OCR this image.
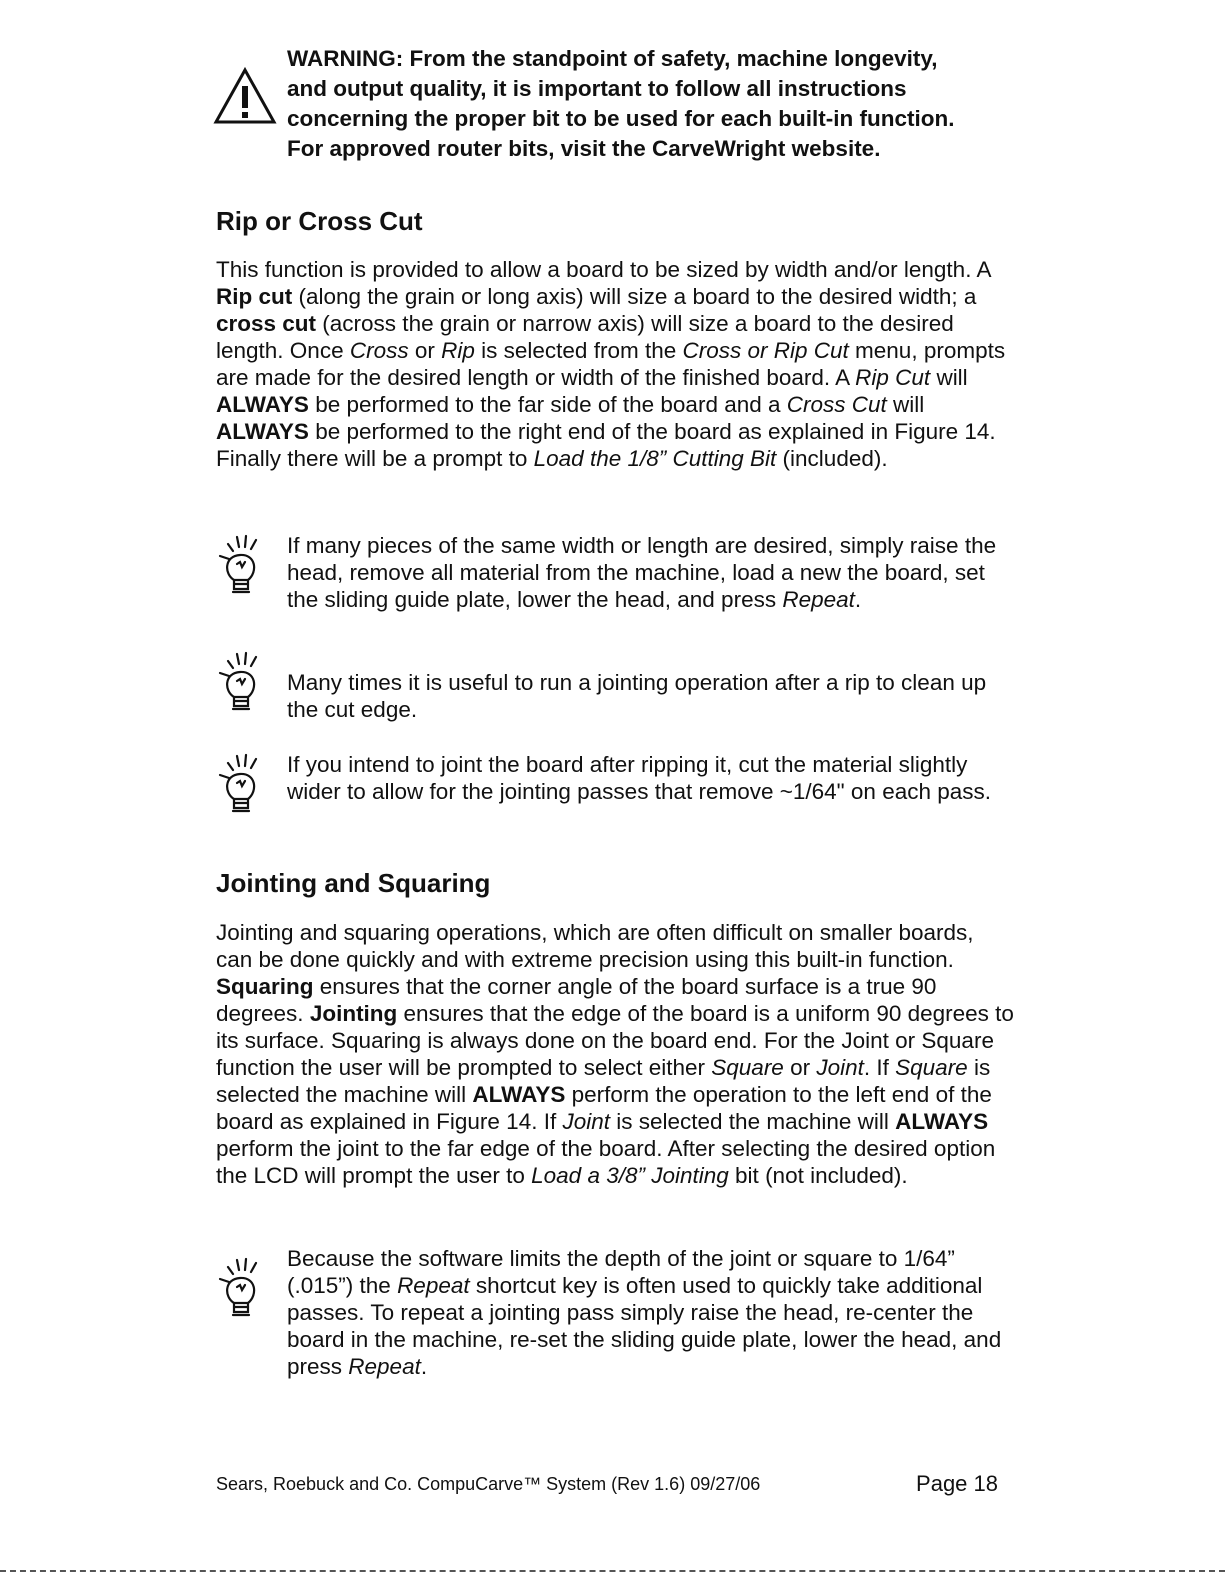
WARNING: From the standpoint of safety, machine longevity,
and output quality, it is important to follow all instructions
concerning the proper bit to be used for each built-in function.
For approved router bits, visit the CarveWright website.
Rip or Cross Cut
This function is provided to allow a board to be sized by width and/or length. A Rip cut (along the grain or long axis) will size a board to the desired width; a cross cut (across the grain or narrow axis) will size a board to the desired length. Once Cross or Rip is selected from the Cross or Rip Cut menu, prompts are made for the desired length or width of the finished board. A Rip Cut will ALWAYS be performed to the far side of the board and a Cross Cut will ALWAYS be performed to the right end of the board as explained in Figure 14. Finally there will be a prompt to Load the 1/8” Cutting Bit (included).
If many pieces of the same width or length are desired, simply raise the head, remove all material from the machine, load a new the board, set the sliding guide plate, lower the head, and press Repeat.
Many times it is useful to run a jointing operation after a rip to clean up the cut edge.
If you intend to joint the board after ripping it, cut the material slightly wider to allow for the jointing passes that remove ~1/64" on each pass.
Jointing and Squaring
Jointing and squaring operations, which are often difficult on smaller boards, can be done quickly and with extreme precision using this built-in function. Squaring ensures that the corner angle of the board surface is a true 90 degrees. Jointing ensures that the edge of the board is a uniform 90 degrees to its surface. Squaring is always done on the board end. For the Joint or Square function the user will be prompted to select either Square or Joint. If Square is selected the machine will ALWAYS perform the operation to the left end of the board as explained in Figure 14. If Joint is selected the machine will ALWAYS perform the joint to the far edge of the board. After selecting the desired option the LCD will prompt the user to Load a 3/8” Jointing bit (not included).
Because the software limits the depth of the joint or square to 1/64” (.015”) the Repeat shortcut key is often used to quickly take additional passes. To repeat a jointing pass simply raise the head, re-center the board in the machine, re-set the sliding guide plate, lower the head, and press Repeat.
Sears, Roebuck and Co. CompuCarve™ System (Rev 1.6) 09/27/06	Page 18
